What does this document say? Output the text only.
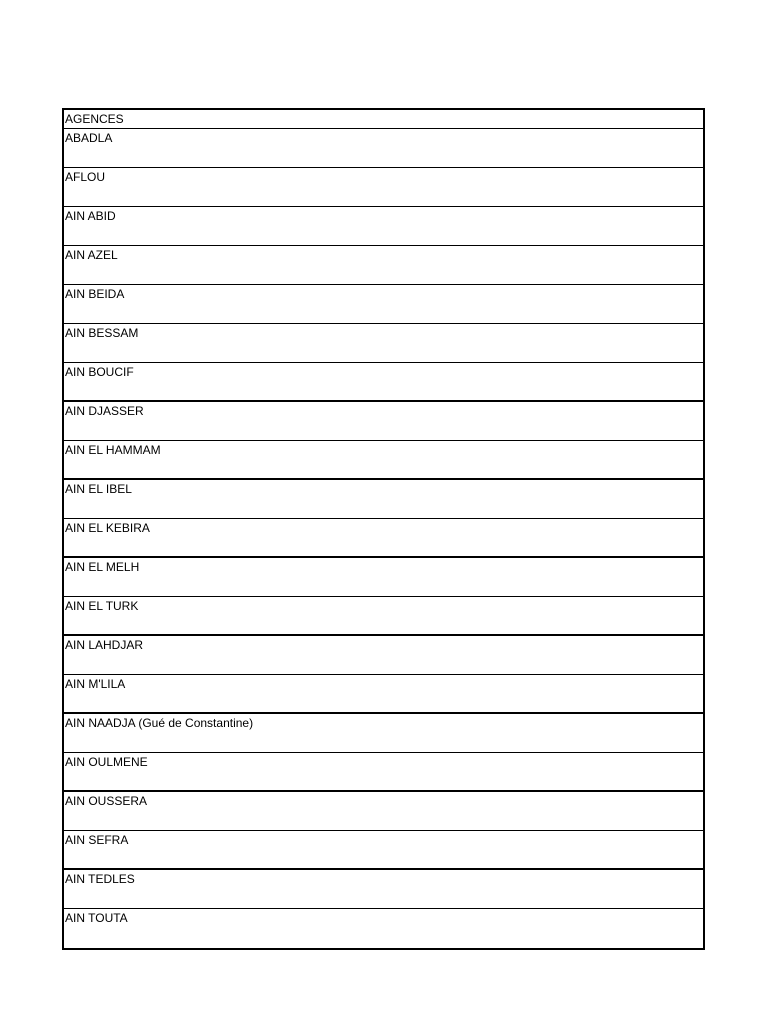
AGENCES
ABADLA
AFLOU
AIN ABID
AIN AZEL
AIN BEIDA
AIN BESSAM
AIN BOUCIF
AIN DJASSER
AIN EL HAMMAM
AIN EL IBEL
AIN EL KEBIRA
AIN EL MELH
AIN EL TURK
AIN LAHDJAR
AIN M'LILA
AIN NAADJA (Gué de Constantine)
AIN OULMENE
AIN OUSSERA
AIN SEFRA
AIN TEDLES
AIN TOUTA
